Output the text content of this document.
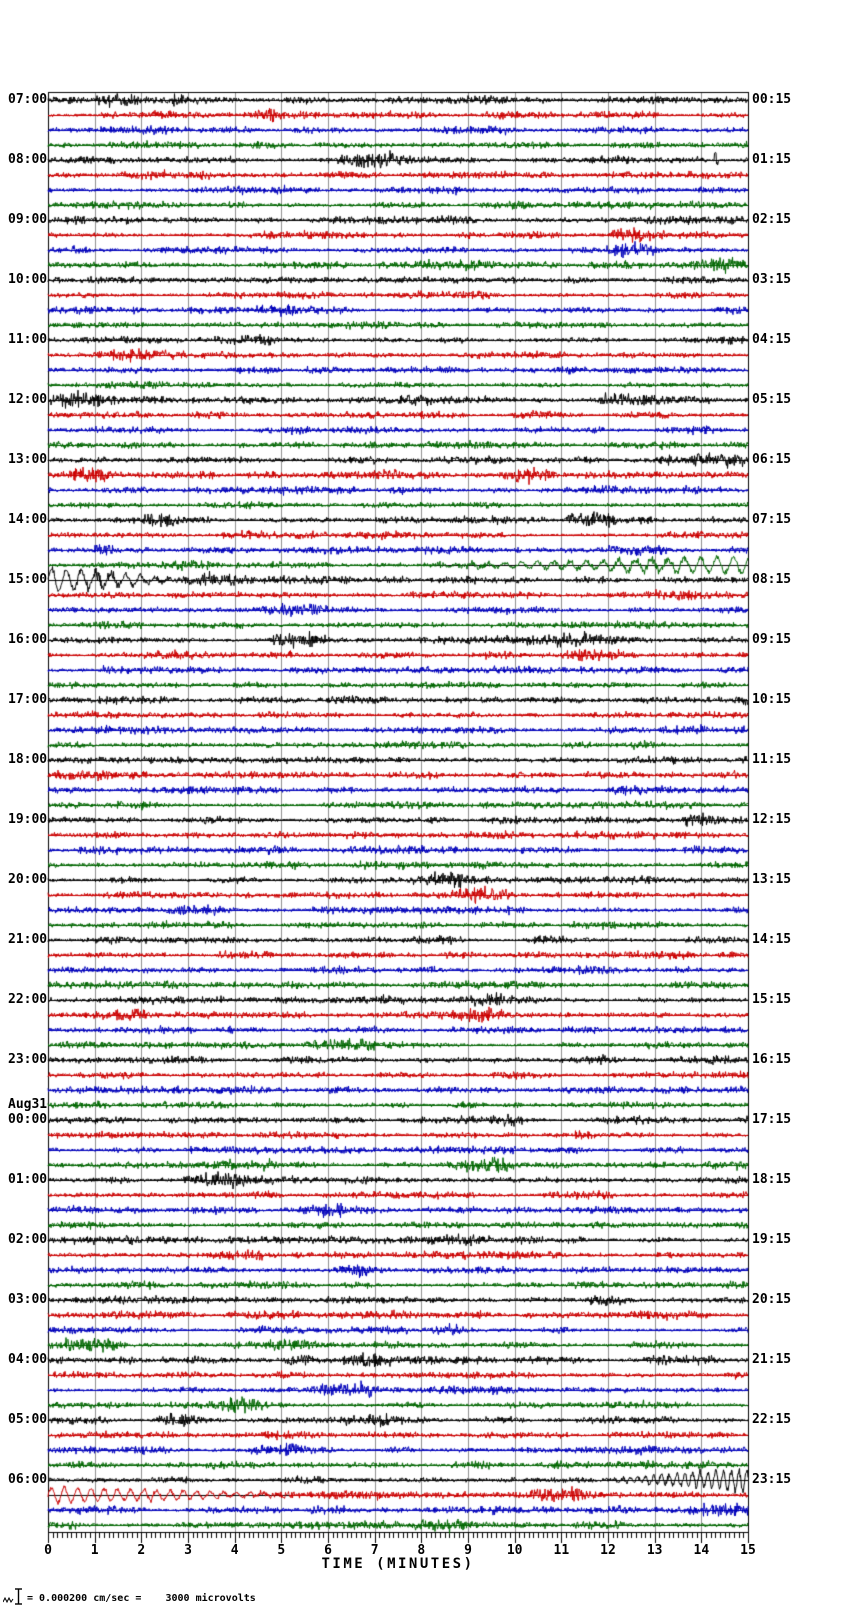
07:00
08:00
09:00
10:00
11:00
12:00
13:00
14:00
15:00
16:00
17:00
18:00
19:00
20:00
21:00
22:00
23:00
00:00
Aug31
01:00
02:00
03:00
04:00
05:00
06:00
00:15
01:15
02:15
03:15
04:15
05:15
06:15
07:15
08:15
09:15
10:15
11:15
12:15
13:15
14:15
15:15
16:15
17:15
18:15
19:15
20:15
21:15
22:15
23:15
0	1	2	3	4	5	6	7	8	9	10	11	12	13	14	15
TIME (MINUTES)
= 0.000200 cm/sec =    3000 microvolts
